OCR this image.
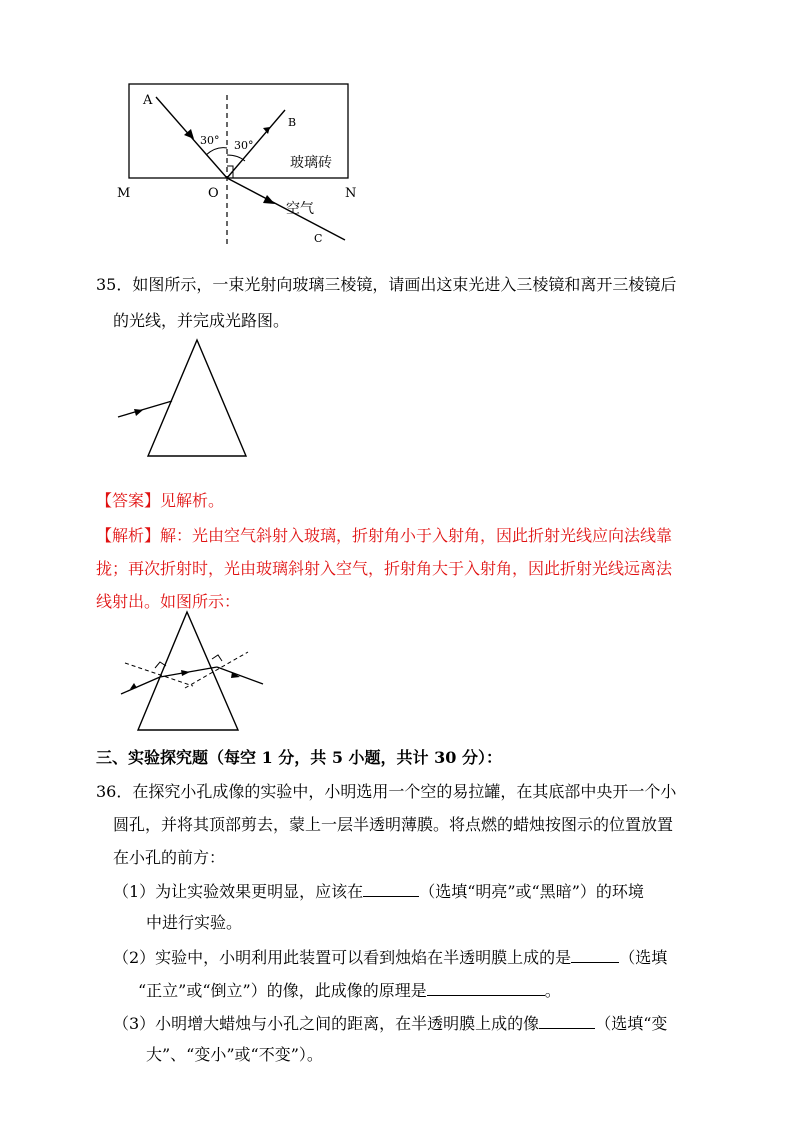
A
B
C
M	N
O
30° 30°
玻璃砖
空气
35．如图所示，一束光射向玻璃三棱镜，请画出这束光进入三棱镜和离开三棱镜后
的光线，并完成光路图。
【答案】见解析。
【解析】解：光由空气斜射入玻璃，折射角小于入射角，因此折射光线应向法线靠
拢；再次折射时，光由玻璃斜射入空气，折射角大于入射角，因此折射光线远离法
线射出。如图所示：
三、实验探究题（每空 1 分，共 5 小题，共计 30 分）：
36．在探究小孔成像的实验中，小明选用一个空的易拉罐，在其底部中央开一个小
圆孔，并将其顶部剪去，蒙上一层半透明薄膜。将点燃的蜡烛按图示的位置放置
在小孔的前方：
（1）为让实验效果更明显，应该在	（选填“明亮”或“黑暗”）的环境
中进行实验。
（2）实验中，小明利用此装置可以看到烛焰在半透明膜上成的是	（选填
“正立”或“倒立”）的像，此成像的原理是	。
（3）小明增大蜡烛与小孔之间的距离，在半透明膜上成的像	（选填“变
大”、“变小”或“不变”）。
